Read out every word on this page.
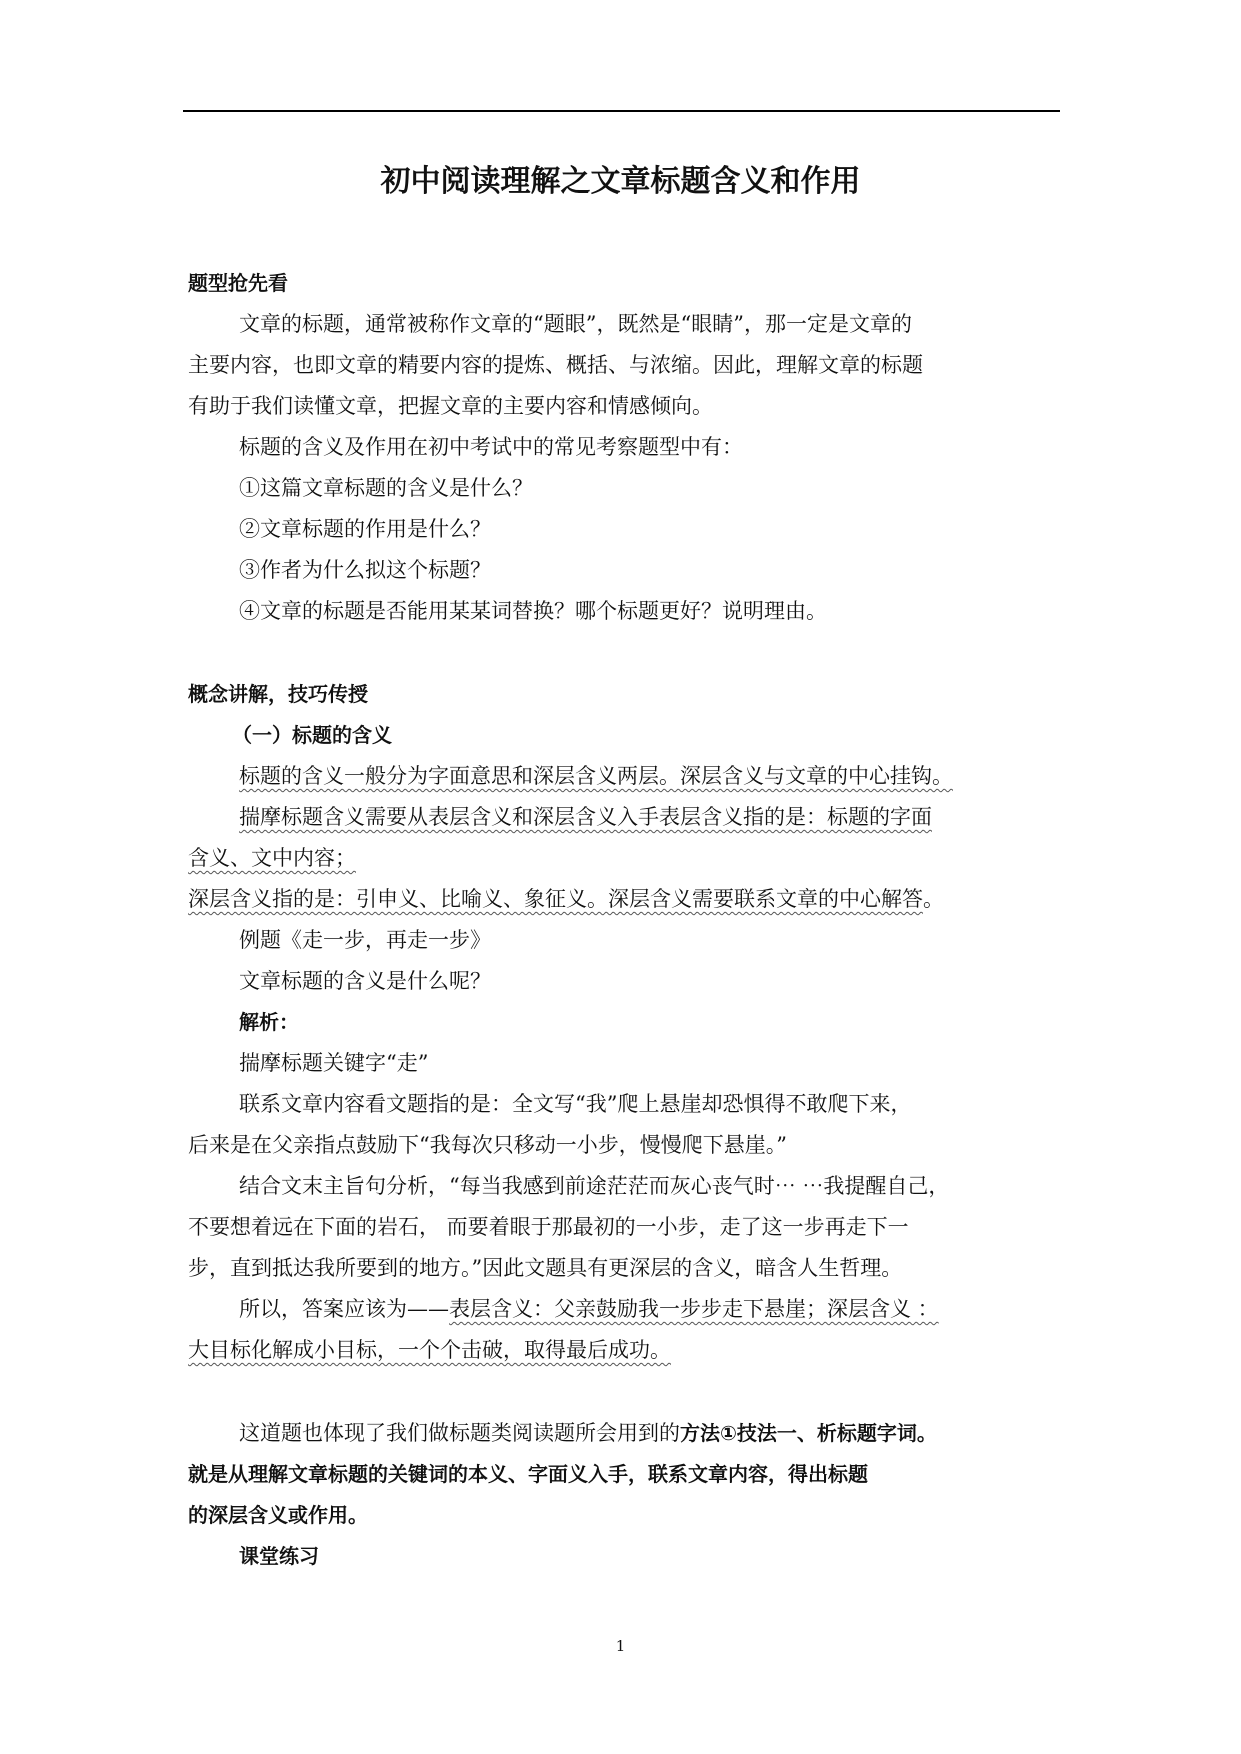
初中阅读理解之文章标题含义和作用

题型抢先看

文章的标题，通常被称作文章的“题眼”，既然是“眼睛”，那一定是文章的

主要内容，也即文章的精要内容的提炼、概括、与浓缩。因此，理解文章的标题

有助于我们读懂文章，把握文章的主要内容和情感倾向。

标题的含义及作用在初中考试中的常见考察题型中有：

①这篇文章标题的含义是什么？

②文章标题的作用是什么？

③作者为什么拟这个标题？

④文章的标题是否能用某某词替换？哪个标题更好？说明理由。

概念讲解，技巧传授

（一）标题的含义

标题的含义一般分为字面意思和深层含义两层。深层含义与文章的中心挂钩。

揣摩标题含义需要从表层含义和深层含义入手表层含义指的是：标题的字面

含义、文中内容；

深层含义指的是：引申义、比喻义、象征义。深层含义需要联系文章的中心解答。

例题《走一步，再走一步》

文章标题的含义是什么呢？

解析：

揣摩标题关键字“走”

联系文章内容看文题指的是：全文写“我”爬上悬崖却恐惧得不敢爬下来，

后来是在父亲指点鼓励下“我每次只移动一小步，慢慢爬下悬崖。”

结合文末主旨句分析，“每当我感到前途茫茫而灰心丧气时⋯ ⋯我提醒自己，

不要想着远在下面的岩石， 而要着眼于那最初的一小步，走了这一步再走下一

步，直到抵达我所要到的地方。”因此文题具有更深层的含义，暗含人生哲理。

所以，答案应该为——表层含义：父亲鼓励我一步步走下悬崖；深层含义 ：

大目标化解成小目标，一个个击破，取得最后成功。

这道题也体现了我们做标题类阅读题所会用到的方法①技法一、析标题字词。

就是从理解文章标题的关键词的本义、字面义入手，联系文章内容，得出标题

的深层含义或作用。

课堂练习

1
